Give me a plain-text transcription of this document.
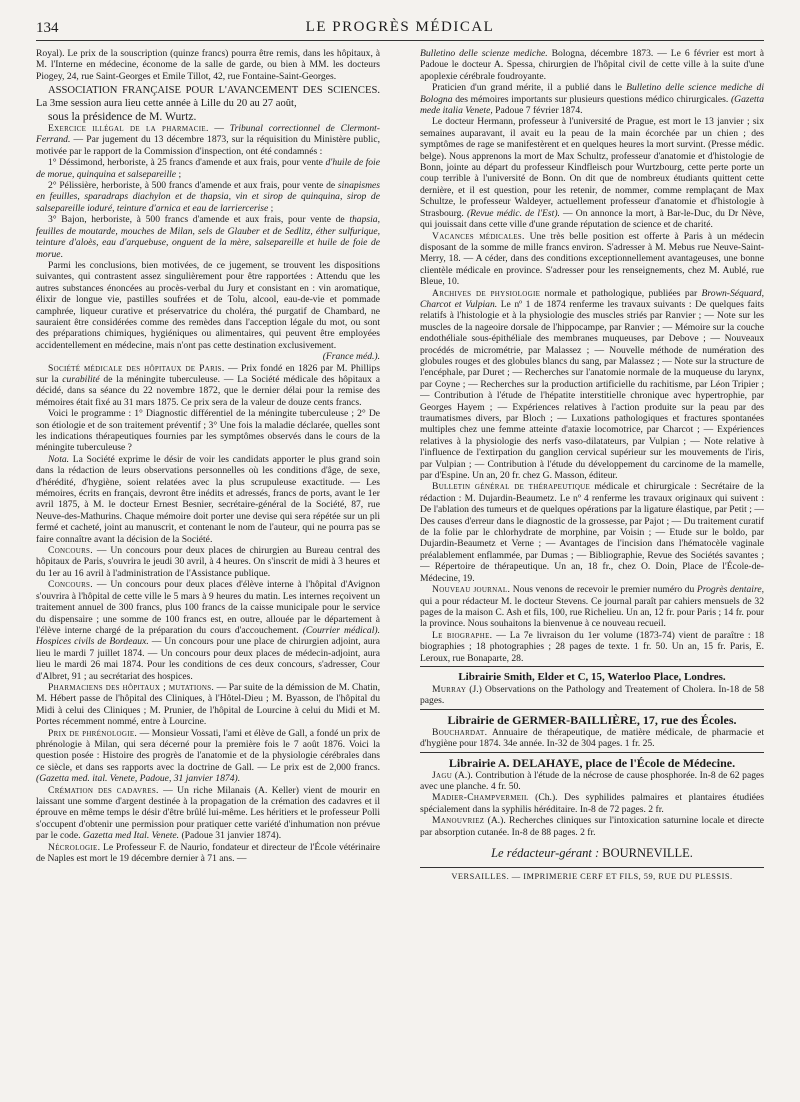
134	LE PROGRÈS MÉDICAL

Royal). Le prix de la souscription (quinze francs) pourra être remis, dans les hôpitaux, à M. l'Interne en médecine, économe de la salle de garde, ou bien à MM. les docteurs Piogey, 24, rue Saint-Georges et Emile Tillot, 42, rue Fontaine-Saint-Georges.

ASSOCIATION FRANÇAISE POUR L'AVANCEMENT DES SCIENCES. La 3me session aura lieu cette année à Lille du 20 au 27 août,

sous la présidence de M. Wurtz.

Exercice illégal de la pharmacie. — Tribunal correctionnel de Clermont-Ferrand. — Par jugement du 13 décembre 1873, sur la réquisition du Ministère public, motivée par le rapport de la Commission d'inspection, ont été condamnés :

1° Déssimond, herboriste, à 25 francs d'amende et aux frais, pour vente d'huile de foie de morue, quinquina et salsepareille ;

2° Pélissière, herboriste, à 500 francs d'amende et aux frais, pour vente de sinapismes en feuilles, sparadraps diachylon et de thapsia, vin et sirop de quinquina, sirop de salsepareille ioduré, teinture d'arnica et eau de larriercerise ;

3° Bajon, herboriste, à 500 francs d'amende et aux frais, pour vente de thapsia, feuilles de moutarde, mouches de Milan, sels de Glauber et de Sedlitz, éther sulfurique, teinture d'aloès, eau d'arquebuse, onguent de la mère, salsepareille et huile de foie de morue.

Parmi les conclusions, bien motivées, de ce jugement, se trouvent les dispositions suivantes, qui contrastent assez singulièrement pour être rapportées : Attendu que les autres substances énoncées au procès-verbal du Jury et consistant en : vin aromatique, élixir de longue vie, pastilles soufrées et de Tolu, alcool, eau-de-vie et pommade camphrée, liqueur curative et préservatrice du choléra, thé purgatif de Chambard, ne sauraient être considérées comme des remèdes dans l'acception légale du mot, ou sont des préparations chimiques, hygiéniques ou alimentaires, qui peuvent être employées accidentellement en médecine, mais n'ont pas cette destination exclusivement.
(France méd.).

Société médicale des hôpitaux de Paris. — Prix fondé en 1826 par M. Phillips sur la curabilité de la méningite tuberculeuse. — La Société médicale des hôpitaux a décidé, dans sa séance du 22 novembre 1872, que le dernier délai pour la remise des mémoires était fixé au 31 mars 1875. Ce prix sera de la valeur de douze cents francs.

Voici le programme : 1° Diagnostic différentiel de la méningite tuberculeuse ; 2° De son étiologie et de son traitement préventif ; 3° Une fois la maladie déclarée, quelles sont les indications thérapeutiques fournies par les symptômes observés dans le cours de la méningite tuberculeuse ?

Nota. La Société exprime le désir de voir les candidats apporter le plus grand soin dans la rédaction de leurs observations personnelles où les conditions d'âge, de sexe, d'hérédité, d'hygiène, soient relatées avec la plus scrupuleuse exactitude. — Les mémoires, écrits en français, devront être inédits et adressés, francs de ports, avant le 1er avril 1875, à M. le docteur Ernest Besnier, secrétaire-général de la Société, 87, rue Neuve-des-Mathurins. Chaque mémoire doit porter une devise qui sera répétée sur un pli fermé et cacheté, joint au manuscrit, et contenant le nom de l'auteur, qui ne pourra pas se faire connaître avant la décision de la Société.

Concours. — Un concours pour deux places de chirurgien au Bureau central des hôpitaux de Paris, s'ouvrira le jeudi 30 avril, à 4 heures. On s'inscrit de midi à 3 heures et du 1er au 16 avril à l'administration de l'Assistance publique.

Concours. — Un concours pour deux places d'élève interne à l'hôpital d'Avignon s'ouvrira à l'hôpital de cette ville le 5 mars à 9 heures du matin. Les internes reçoivent un traitement annuel de 300 francs, plus 100 francs de la caisse municipale pour le service du dispensaire ; une somme de 100 francs est, en outre, allouée par le département à l'élève interne chargé de la préparation du cours d'accouchement. (Courrier médical). Hospices civils de Bordeaux. — Un concours pour une place de chirurgien adjoint, aura lieu le mardi 7 juillet 1874. — Un concours pour deux places de médecin-adjoint, aura lieu le mardi 26 mai 1874. Pour les conditions de ces deux concours, s'adresser, Cour d'Albret, 91 ; au secrétariat des hospices.

Pharmaciens des hôpitaux ; mutations. — Par suite de la démission de M. Chatin, M. Hébert passe de l'hôpital des Cliniques, à l'Hôtel-Dieu ; M. Byasson, de l'hôpital du Midi à celui des Cliniques ; M. Prunier, de l'hôpital de Lourcine à celui du Midi et M. Portes récemment nommé, entre à Lourcine.

Prix de phrénologie. — Monsieur Vossati, l'ami et élève de Gall, a fondé un prix de phrénologie à Milan, qui sera décerné pour la première fois le 7 août 1876. Voici la question posée : Histoire des progrès de l'anatomie et de la physiologie cérébrales dans ce siècle, et dans ses rapports avec la doctrine de Gall. — Le prix est de 2,000 francs. (Gazetta med. ital. Venete, Padoue, 31 janvier 1874).

Crémation des cadavres. — Un riche Milanais (A. Keller) vient de mourir en laissant une somme d'argent destinée à la propagation de la crémation des cadavres et il éprouve en même temps le désir d'être brûlé lui-même. Les héritiers et le professeur Polli s'occupent d'obtenir une permission pour pratiquer cette variété d'inhumation non prévue par le code. Gazetta med Ital. Venete. (Padoue 31 janvier 1874).

Nécrologie. Le Professeur F. de Naurio, fondateur et directeur de l'École vétérinaire de Naples est mort le 19 décembre dernier à 71 ans. —

Bulletino delle scienze mediche. Bologna, décembre 1873. — Le 6 février est mort à Padoue le docteur A. Spessa, chirurgien de l'hôpital civil de cette ville à la suite d'une apoplexie cérébrale foudroyante.

Praticien d'un grand mérite, il a publié dans le Bulletino delle science mediche di Bologna des mémoires importants sur plusieurs questions médico chirurgicales. (Gazetta mede italia Venete, Padoue 7 février 1874.

Le docteur Hermann, professeur à l'université de Prague, est mort le 13 janvier ; six semaines auparavant, il avait eu la peau de la main écorchée par un chien ; des symptômes de rage se manifestèrent et en quelques heures la mort survint. (Presse médic. belge). Nous apprenons la mort de Max Schultz, professeur d'anatomie et d'histologie de Bonn, jointe au départ du professeur Kindfleisch pour Wurtzbourg, cette perte porte un coup terrible à l'université de Bonn. On dit que de nombreux étudiants quittent cette dernière, et il est question, pour les retenir, de nommer, comme remplaçant de Max Schultze, le professeur Waldeyer, actuellement professeur d'anatomie et d'histologie à Strasbourg. (Revue médic. de l'Est). — On annonce la mort, à Bar-le-Duc, du Dr Nève, qui jouissait dans cette ville d'une grande réputation de science et de charité.

Vacances médicales. Une très belle position est offerte à Paris à un médecin disposant de la somme de mille francs environ. S'adresser à M. Mebus rue Neuve-Saint-Merry, 18. — A céder, dans des conditions exceptionnellement avantageuses, une bonne clientèle médicale en province. S'adresser pour les renseignements, chez M. Aublé, rue Bleue, 10.

Archives de physiologie normale et pathologique, publiées par Brown-Séquard, Charcot et Vulpian. Le nº 1 de 1874 renferme les travaux suivants : De quelques faits relatifs à l'histologie et à la physiologie des muscles striés par Ranvier ; — Note sur les muscles de la nageoire dorsale de l'hippocampe, par Ranvier ; — Mémoire sur la couche endothéliale sous-épithéliale des membranes muqueuses, par Debove ; — Nouveaux procédés de micrométrie, par Malassez ; — Nouvelle méthode de numération des globules rouges et des globules blancs du sang, par Malassez ; — Note sur la structure de l'encéphale, par Duret ; — Recherches sur l'anatomie normale de la muqueuse du larynx, par Coyne ; — Recherches sur la production artificielle du rachitisme, par Léon Tripier ; — Contribution à l'étude de l'hépatite interstitielle chronique avec hypertrophie, par Georges Hayem ; — Expériences relatives à l'action produite sur la peau par des traumatismes divers, par Bloch ; — Luxations pathologiques et fractures spontanées multiples chez une femme atteinte d'ataxie locomotrice, par Charcot ; — Expériences relatives à la physiologie des nerfs vaso-dilatateurs, par Vulpian ; — Note relative à l'influence de l'extirpation du ganglion cervical supérieur sur les mouvements de l'iris, par Vulpian ; — Contribution à l'étude du développement du carcinome de la mamelle, par d'Espine. Un an, 20 fr. chez G. Masson, éditeur.

Bulletin général de thérapeutique médicale et chirurgicale : Secrétaire de la rédaction : M. Dujardin-Beaumetz. Le nº 4 renferme les travaux originaux qui suivent : De l'ablation des tumeurs et de quelques opérations par la ligature élastique, par Petit ; — Des causes d'erreur dans le diagnostic de la grossesse, par Pajot ; — Du traitement curatif de la folie par le chlorhydrate de morphine, par Voisin ; — Etude sur le boldo, par Dujardin-Beaumetz et Verne ; — Avantages de l'incision dans l'hématocèle vaginale préalablement enflammée, par Dumas ; — Bibliographie, Revue des Sociétés savantes ; — Répertoire de thérapeutique. Un an, 18 fr., chez O. Doin, Place de l'École-de-Médecine, 19.

Nouveau journal. Nous venons de recevoir le premier numéro du Progrès dentaire, qui a pour rédacteur M. le docteur Stevens. Ce journal paraît par cahiers mensuels de 32 pages de la maison C. Ash et fils, 100, rue Richelieu. Un an, 12 fr. pour Paris ; 14 fr. pour la province. Nous souhaitons la bienvenue à ce nouveau recueil.

Le biographe. — La 7e livraison du 1er volume (1873-74) vient de paraître : 18 biographies ; 18 photographies ; 28 pages de texte. 1 fr. 50. Un an, 15 fr. Paris, E. Leroux, rue Bonaparte, 28.

Librairie Smith, Elder et C, 15, Waterloo Place, Londres.

Murray (J.) Observations on the Pathology and Treatement of Cholera. In-18 de 58 pages.

Librairie de GERMER-BAILLIÈRE, 17, rue des Écoles.

Bouchardat. Annuaire de thérapeutique, de matière médicale, de pharmacie et d'hygiène pour 1874. 34e année. In-32 de 304 pages. 1 fr. 25.

Librairie A. DELAHAYE, place de l'École de Médecine.

Jagu (A.). Contribution à l'étude de la nécrose de cause phosphorée. In-8 de 62 pages avec une planche. 4 fr. 50.

Madier-Champvermeil (Ch.). Des syphilides palmaires et plantaires étudiées spécialement dans la syphilis héréditaire. In-8 de 72 pages. 2 fr.

Manouvriez (A.). Recherches cliniques sur l'intoxication saturnine locale et directe par absorption cutanée. In-8 de 88 pages. 2 fr.

Le rédacteur-gérant : BOURNEVILLE.

VERSAILLES. — IMPRIMERIE CERF ET FILS, 59, RUE DU PLESSIS.
